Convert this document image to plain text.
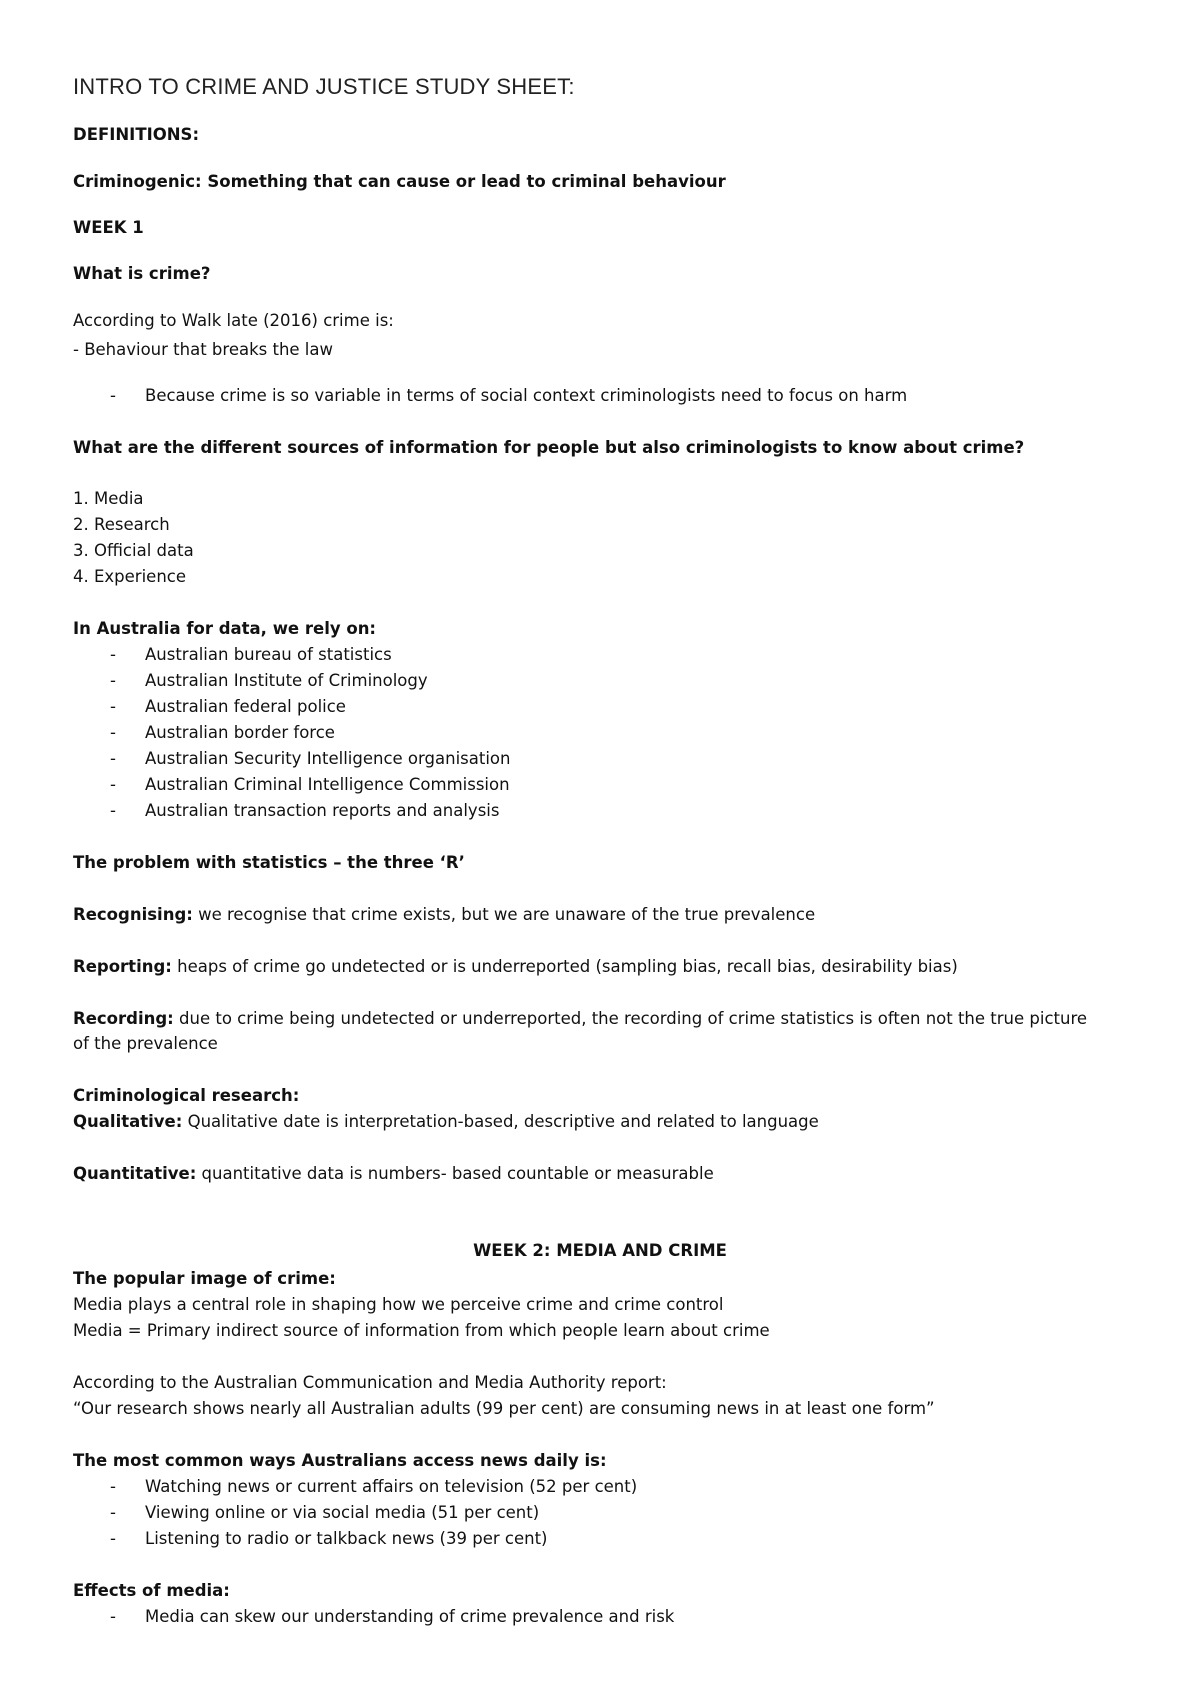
INTRO TO CRIME AND JUSTICE STUDY SHEET:
DEFINITIONS:
Criminogenic: Something that can cause or lead to criminal behaviour
WEEK 1
What is crime?
According to Walk late (2016) crime is:
- Behaviour that breaks the law
- Because crime is so variable in terms of social context criminologists need to focus on harm
What are the different sources of information for people but also criminologists to know about crime?
1. Media
2. Research
3. Official data
4. Experience
In Australia for data, we rely on:
- Australian bureau of statistics
- Australian Institute of Criminology
- Australian federal police
- Australian border force
- Australian Security Intelligence organisation
- Australian Criminal Intelligence Commission
- Australian transaction reports and analysis
The problem with statistics – the three ‘R’
Recognising: we recognise that crime exists, but we are unaware of the true prevalence
Reporting: heaps of crime go undetected or is underreported (sampling bias, recall bias, desirability bias)
Recording: due to crime being undetected or underreported, the recording of crime statistics is often not the true picture
of the prevalence
Criminological research:
Qualitative: Qualitative date is interpretation-based, descriptive and related to language
Quantitative: quantitative data is numbers- based countable or measurable
WEEK 2: MEDIA AND CRIME
The popular image of crime:
Media plays a central role in shaping how we perceive crime and crime control
Media = Primary indirect source of information from which people learn about crime
According to the Australian Communication and Media Authority report:
“Our research shows nearly all Australian adults (99 per cent) are consuming news in at least one form”
The most common ways Australians access news daily is:
- Watching news or current affairs on television (52 per cent)
- Viewing online or via social media (51 per cent)
- Listening to radio or talkback news (39 per cent)
Effects of media:
- Media can skew our understanding of crime prevalence and risk
